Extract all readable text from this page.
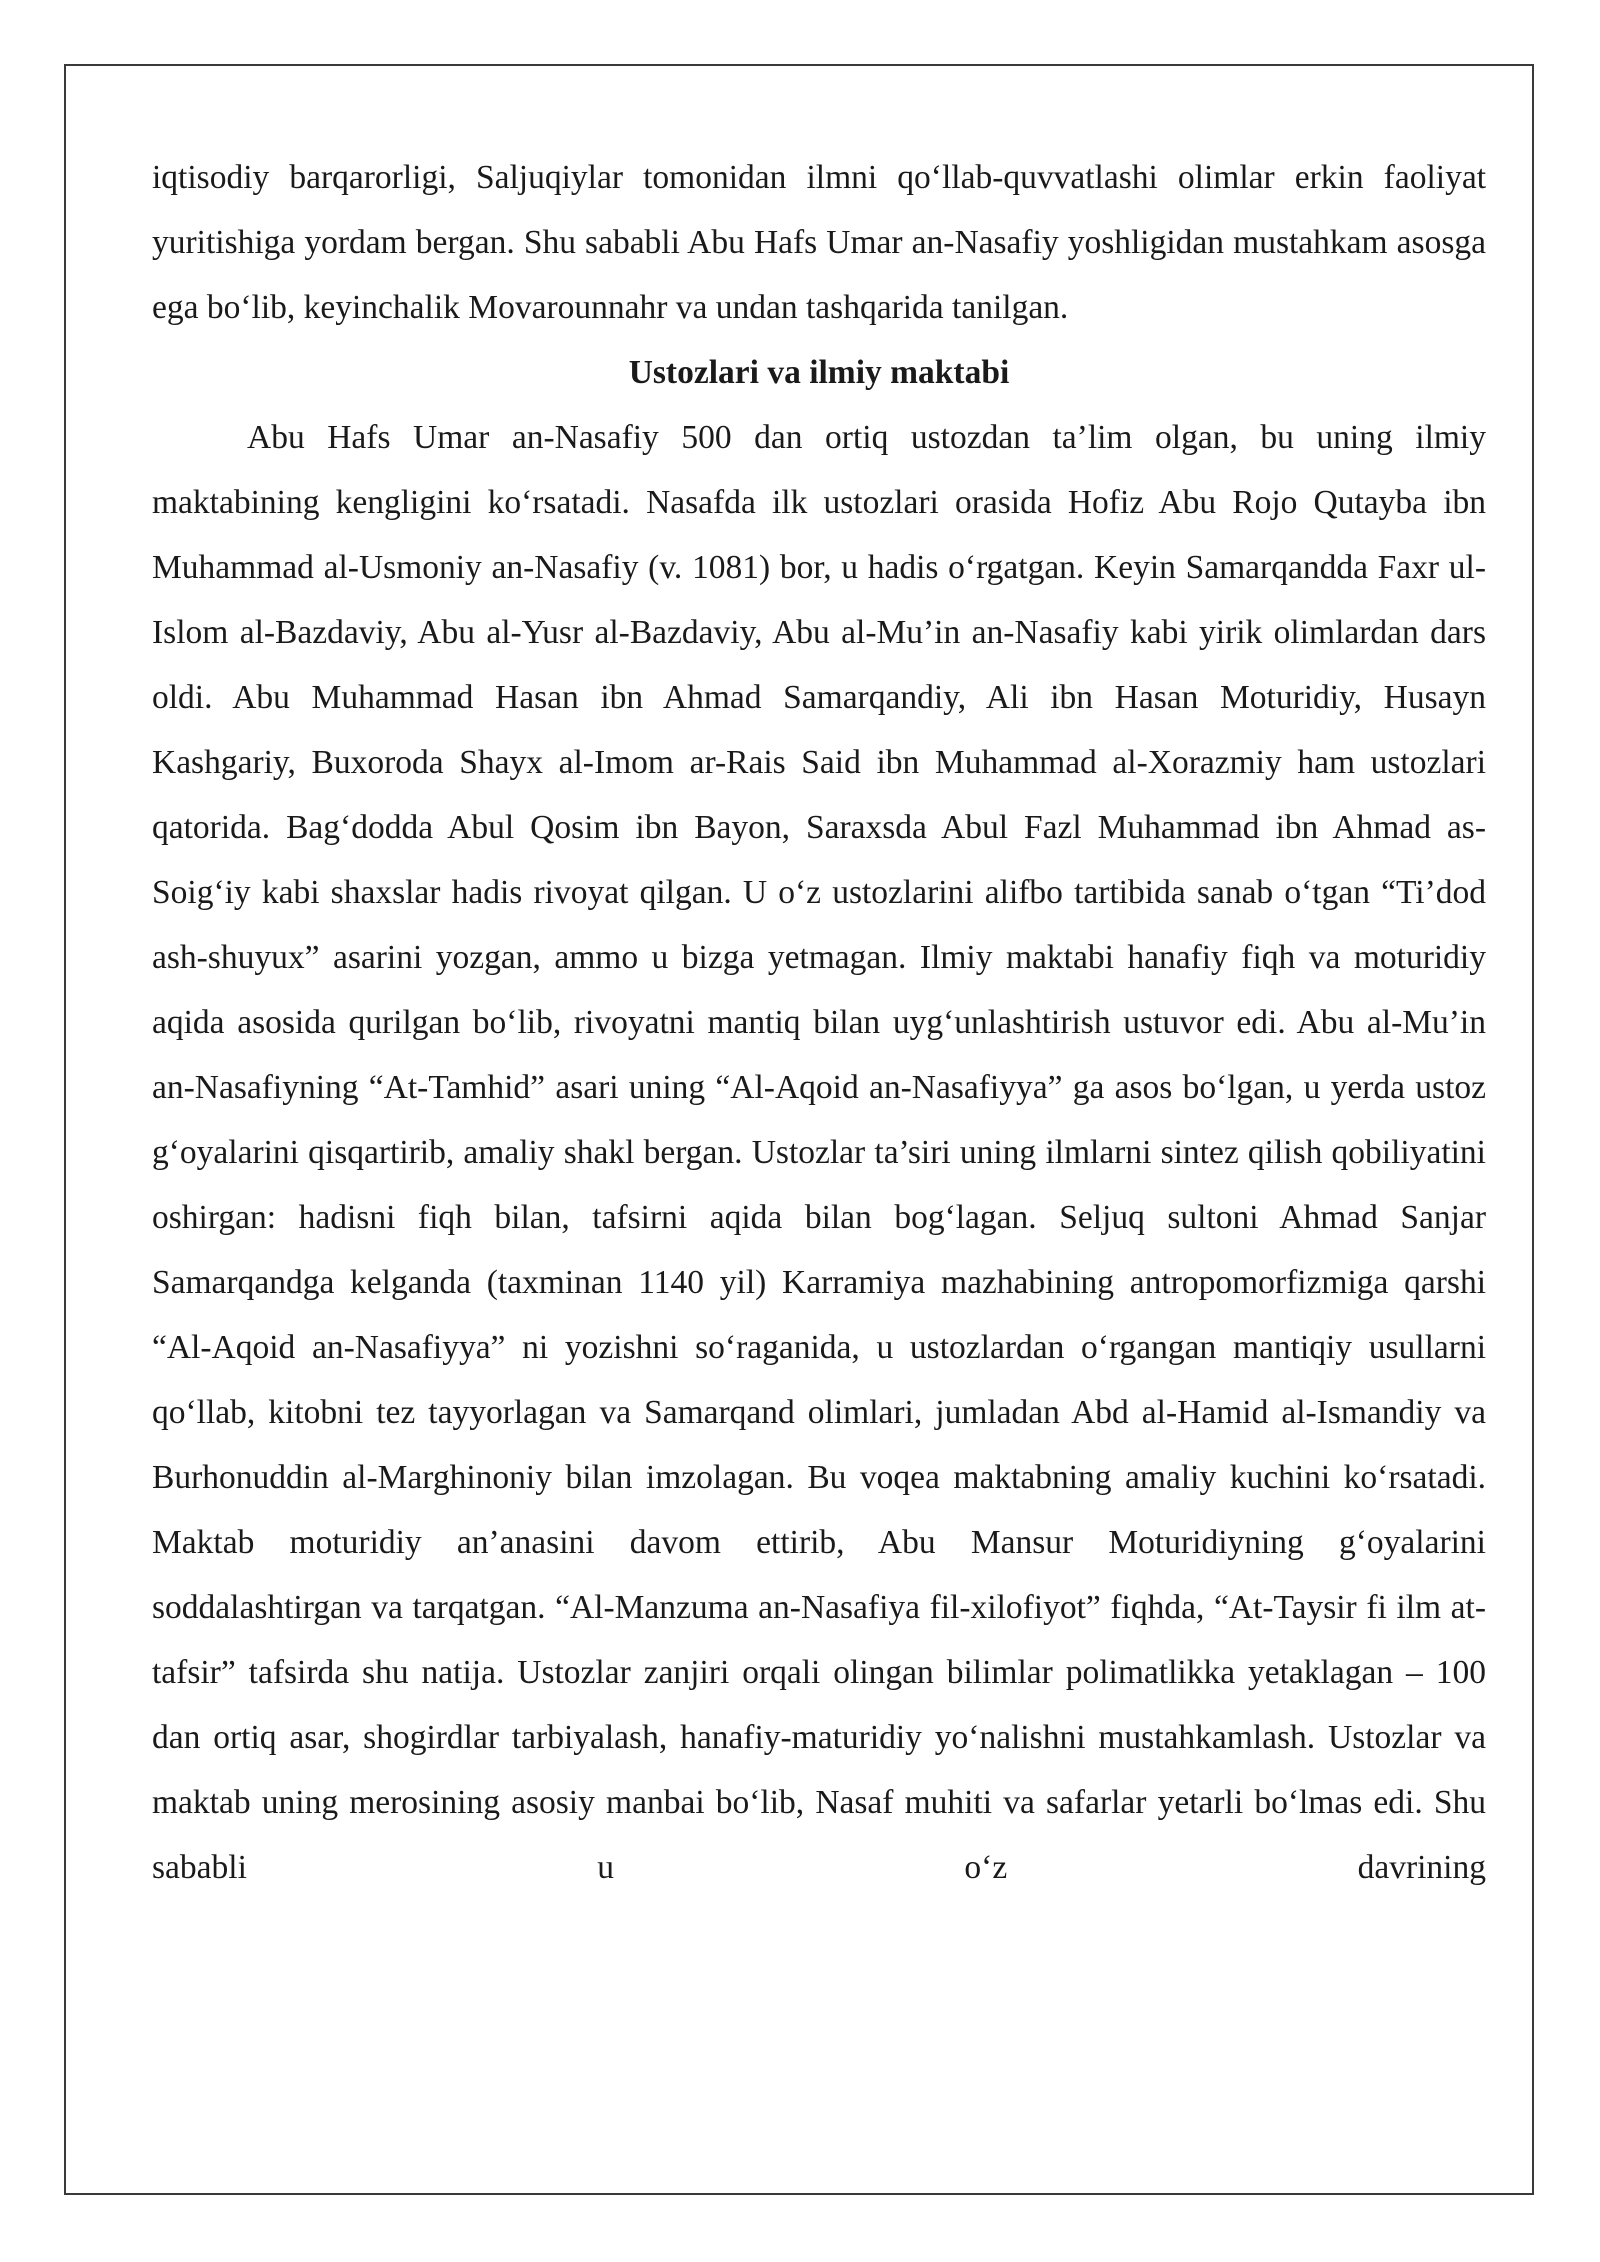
iqtisodiy barqarorligi, Saljuqiylar tomonidan ilmni qo‘llab-quvvatlashi olimlar erkin faoliyat yuritishiga yordam bergan. Shu sababli Abu Hafs Umar an-Nasafiy yoshligidan mustahkam asosga ega bo‘lib, keyinchalik Movarounnahr va undan tashqarida tanilgan.

Ustozlari va ilmiy maktabi

Abu Hafs Umar an-Nasafiy 500 dan ortiq ustozdan ta’lim olgan, bu uning ilmiy maktabining kengligini ko‘rsatadi. Nasafda ilk ustozlari orasida Hofiz Abu Rojo Qutayba ibn Muhammad al-Usmoniy an-Nasafiy (v. 1081) bor, u hadis o‘rgatgan. Keyin Samarqandda Faxr ul-Islom al-Bazdaviy, Abu al-Yusr al-Bazdaviy, Abu al-Mu’in an-Nasafiy kabi yirik olimlardan dars oldi. Abu Muhammad Hasan ibn Ahmad Samarqandiy, Ali ibn Hasan Moturidiy, Husayn Kashgariy, Buxoroda Shayx al-Imom ar-Rais Said ibn Muhammad al-Xorazmiy ham ustozlari qatorida. Bag‘dodda Abul Qosim ibn Bayon, Saraxsda Abul Fazl Muhammad ibn Ahmad as-Soig‘iy kabi shaxslar hadis rivoyat qilgan. U o‘z ustozlarini alifbo tartibida sanab o‘tgan “Ti’dod ash-shuyux” asarini yozgan, ammo u bizga yetmagan. Ilmiy maktabi hanafiy fiqh va moturidiy aqida asosida qurilgan bo‘lib, rivoyatni mantiq bilan uyg‘unlashtirish ustuvor edi. Abu al-Mu’in an-Nasafiyning “At-Tamhid” asari uning “Al-Aqoid an-Nasafiyya” ga asos bo‘lgan, u yerda ustoz g‘oyalarini qisqartirib, amaliy shakl bergan. Ustozlar ta’siri uning ilmlarni sintez qilish qobiliyatini oshirgan: hadisni fiqh bilan, tafsirni aqida bilan bog‘lagan. Seljuq sultoni Ahmad Sanjar Samarqandga kelganda (taxminan 1140 yil) Karramiya mazhabining antropomorfizmiga qarshi “Al-Aqoid an-Nasafiyya” ni yozishni so‘raganida, u ustozlardan o‘rgangan mantiqiy usullarni qo‘llab, kitobni tez tayyorlagan va Samarqand olimlari, jumladan Abd al-Hamid al-Ismandiy va Burhonuddin al-Marghinoniy bilan imzolagan. Bu voqea maktabning amaliy kuchini ko‘rsatadi. Maktab moturidiy an’anasini davom ettirib, Abu Mansur Moturidiyning g‘oyalarini soddalashtirgan va tarqatgan. “Al-Manzuma an-Nasafiya fil-xilofiyot” fiqhda, “At-Taysir fi ilm at-tafsir” tafsirda shu natija. Ustozlar zanjiri orqali olingan bilimlar polimatlikka yetaklagan – 100 dan ortiq asar, shogirdlar tarbiyalash, hanafiy-maturidiy yo‘nalishni mustahkamlash. Ustozlar va maktab uning merosining asosiy manbai bo‘lib, Nasaf muhiti va safarlar yetarli bo‘lmas edi. Shu sababli u o‘z davrining
